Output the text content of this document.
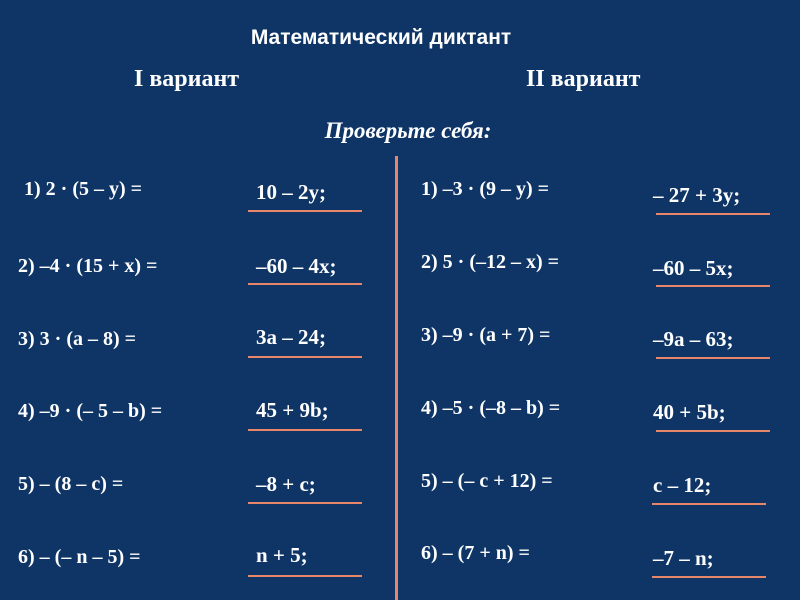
Математический диктант
I вариант	II вариант
Проверьте себя:
1) 2 · (5 – y) =	10 – 2y;
2) –4 · (15 + x) =	–60 – 4x;
3) 3 · (a – 8) =	3a – 24;
4) –9 · (– 5 – b) =	45 + 9b;
5) – (8 – c) =	–8 + c;
6) – (– n – 5) =	n + 5;
1) –3 · (9 – y) =	– 27 + 3y;
2) 5 · (–12 – x) =	–60 – 5x;
3) –9 · (a + 7) =	–9a – 63;
4) –5 · (–8 – b) =	40 + 5b;
5) – (– c + 12) =	c – 12;
6) – (7 + n) =	–7 – n;
